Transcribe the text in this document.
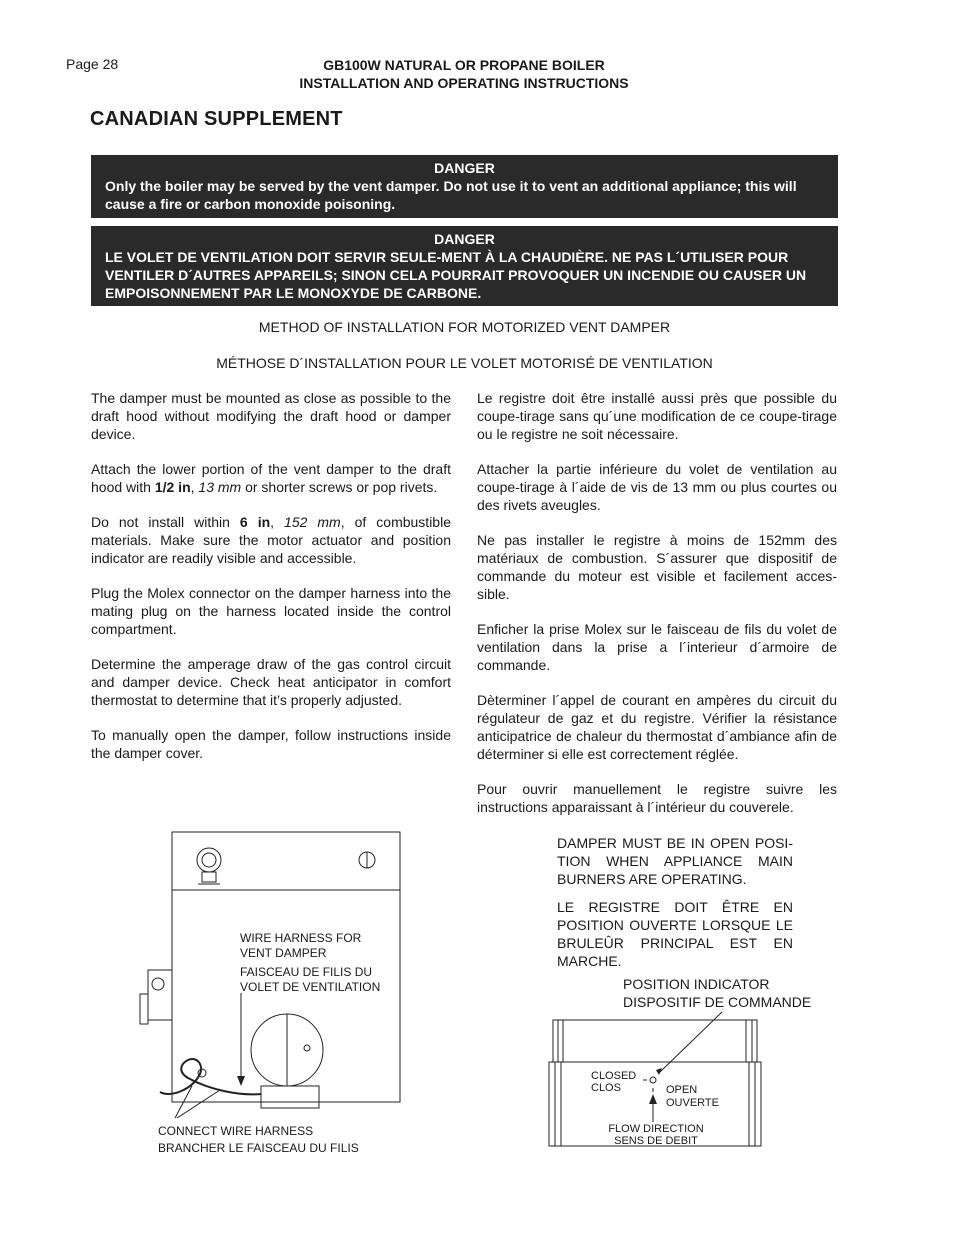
Page 28	GB100W NATURAL OR PROPANE BOILER
INSTALLATION AND OPERATING INSTRUCTIONS
CANADIAN SUPPLEMENT
DANGER
Only the boiler may be served by the vent damper. Do not use it to vent an additional appliance; this will cause a fire or carbon monoxide poisoning.
DANGER
LE VOLET DE VENTILATION DOIT SERVIR SEULE-MENT À LA CHAUDIÈRE. NE PAS L´UTILISER POUR VENTILER D´AUTRES APPAREILS; SINON CELA POURRAIT PROVOQUER UN INCENDIE OU CAUSER UN EMPOISONNEMENT PAR LE MONOXYDE DE CARBONE.
METHOD OF INSTALLATION FOR MOTORIZED VENT DAMPER
MÉTHOSE D´INSTALLATION POUR LE VOLET MOTORISÉ DE VENTILATION

The damper must be mounted as close as possible to the draft hood without modifying the draft hood or damper device.

Attach the lower portion of the vent damper to the draft hood with 1/2 in, 13 mm or shorter screws or pop rivets.

Do not install within 6 in, 152 mm, of combustible materials. Make sure the motor actuator and position indicator are readily visible and accessible.

Plug the Molex connector on the damper harness into the mating plug on the harness located inside the control compartment.

Determine the amperage draw of the gas control circuit and damper device. Check heat anticipator in comfort thermostat to determine that it’s properly adjusted.

To manually open the damper, follow instructions inside the damper cover.

Le registre doit être installé aussi près que possible du coupe-tirage sans qu´une modification de ce coupe-tirage ou le registre ne soit nécessaire.

Attacher la partie inférieure du volet de ventilation au coupe-tirage à l´aide de vis de 13 mm ou plus courtes ou des rivets aveugles.

Ne pas installer le registre à moins de 152mm des matériaux de combustion. S´assurer que dispositif de commande du moteur est visible et facilement acces-sible.

Enficher la prise Molex sur le faisceau de fils du volet de ventilation dans la prise a l´interieur d´armoire de commande.

Dèterminer l´appel de courant en ampères du circuit du régulateur de gaz et du registre. Vérifier la résistance anticipatrice de chaleur du thermostat d´ambiance afin de déterminer si elle est correctement réglée.

Pour ouvrir manuellement le registre suivre les instructions apparaissant à l´intérieur du couverele.

WIRE HARNESS FOR
VENT DAMPER
FAISCEAU DE FILIS DU
VOLET DE VENTILATION
CONNECT WIRE HARNESS
BRANCHER LE FAISCEAU DU FILIS

DAMPER MUST BE IN OPEN POSI-TION WHEN APPLIANCE MAIN BURNERS ARE OPERATING.

LE REGISTRE DOIT ÊTRE EN POSITION OUVERTE LORSQUE LE BRULEÛR PRINCIPAL EST EN MARCHE.

POSITION INDICATOR
DISPOSITIF DE COMMANDE
CLOSED
CLOS	OPEN
OUVERTE
FLOW DIRECTION
SENS DE DEBIT
